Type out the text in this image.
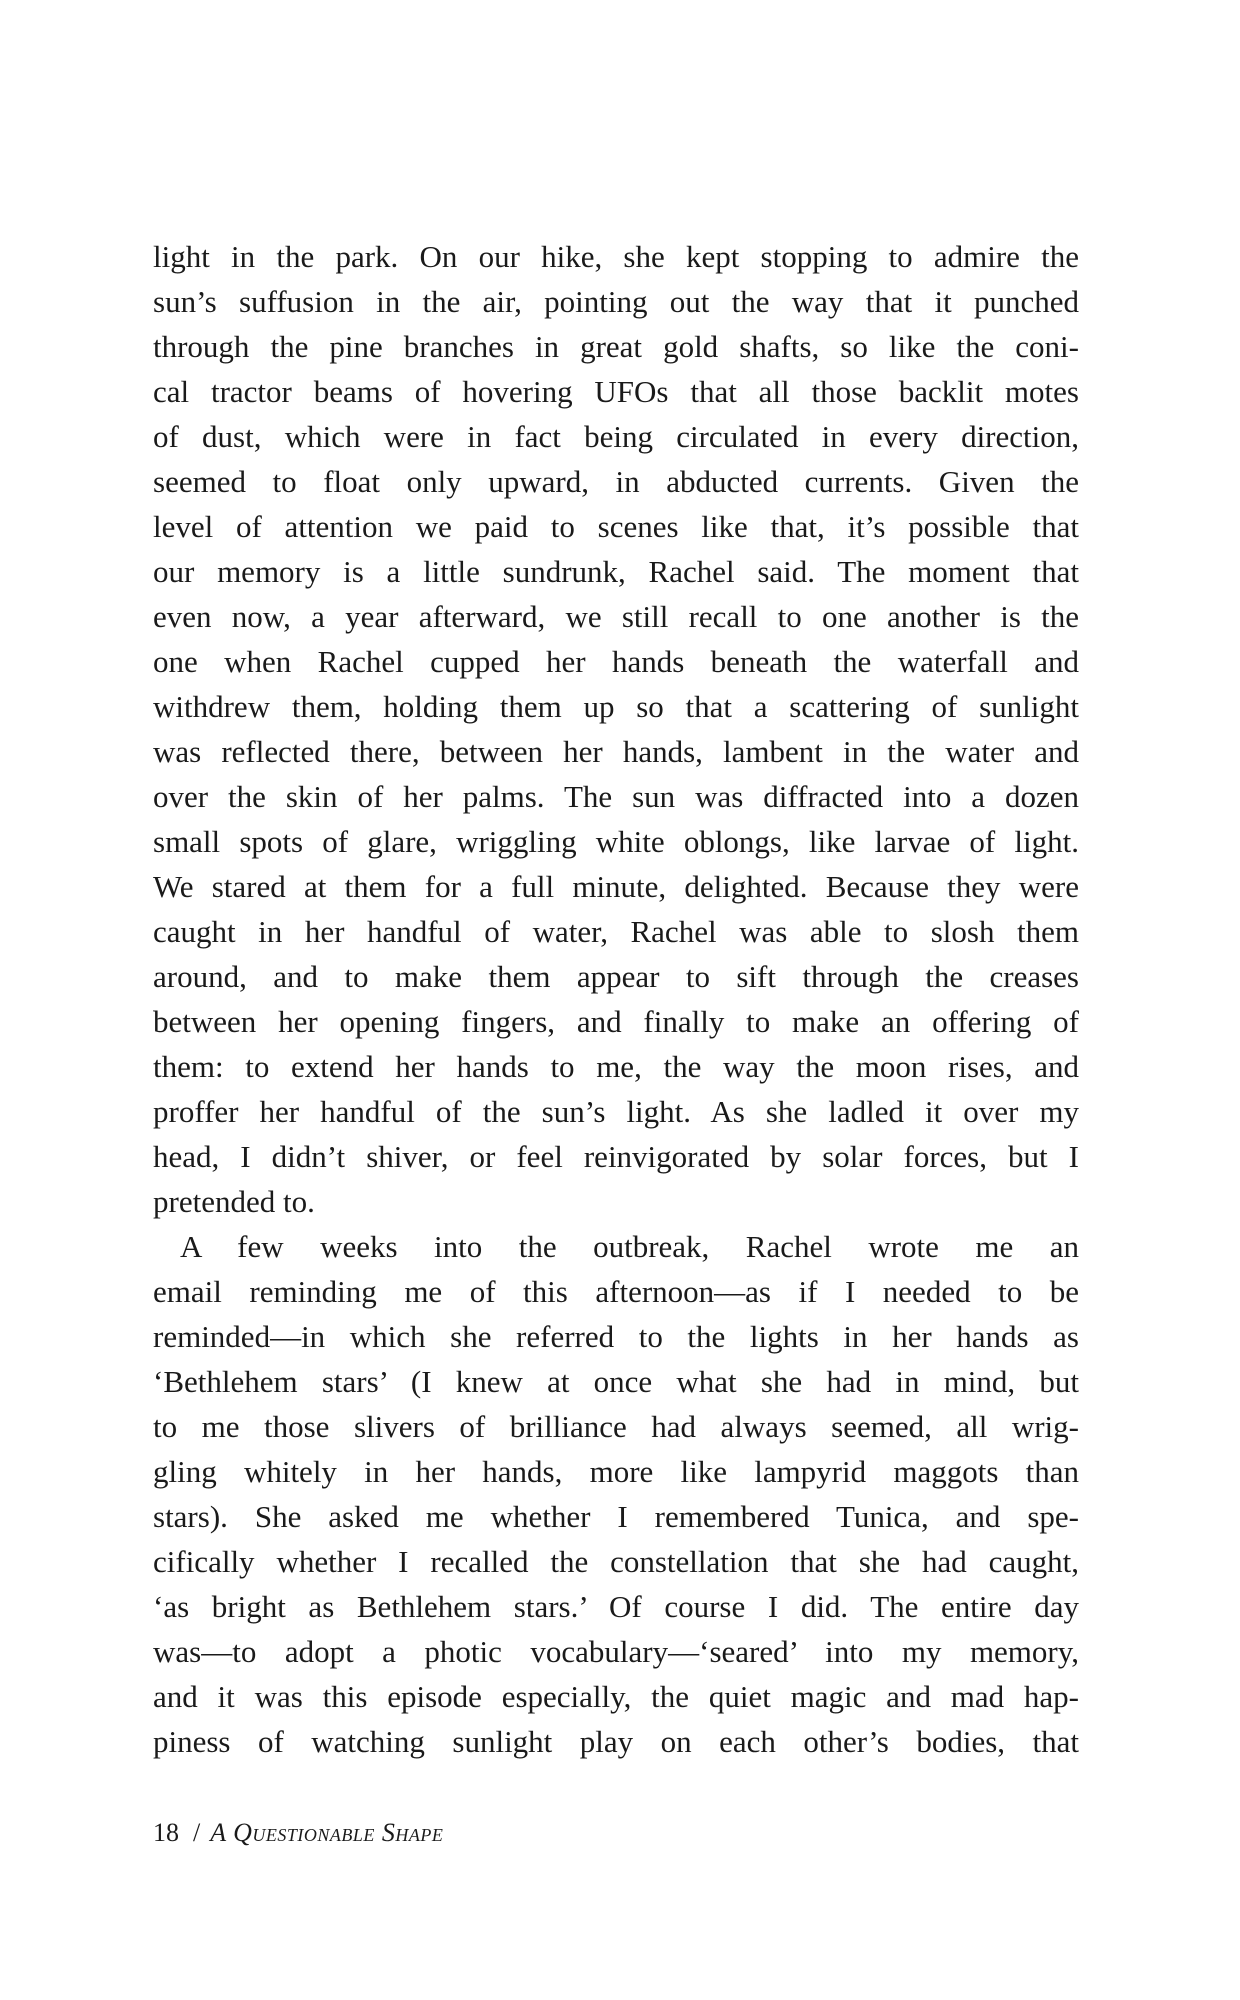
light in the park. On our hike, she kept stopping to admire the
sun’s suffusion in the air, pointing out the way that it punched
through the pine branches in great gold shafts, so like the coni-
cal tractor beams of hovering UFOs that all those backlit motes
of dust, which were in fact being circulated in every direction,
seemed to float only upward, in abducted currents. Given the
level of attention we paid to scenes like that, it’s possible that
our memory is a little sundrunk, Rachel said. The moment that
even now, a year afterward, we still recall to one another is the
one when Rachel cupped her hands beneath the waterfall and
withdrew them, holding them up so that a scattering of sunlight
was reflected there, between her hands, lambent in the water and
over the skin of her palms. The sun was diffracted into a dozen
small spots of glare, wriggling white oblongs, like larvae of light.
We stared at them for a full minute, delighted. Because they were
caught in her handful of water, Rachel was able to slosh them
around, and to make them appear to sift through the creases
between her opening fingers, and finally to make an offering of
them: to extend her hands to me, the way the moon rises, and
proffer her handful of the sun’s light. As she ladled it over my
head, I didn’t shiver, or feel reinvigorated by solar forces, but I
pretended to.
A few weeks into the outbreak, Rachel wrote me an
email reminding me of this afternoon—as if I needed to be
reminded—in which she referred to the lights in her hands as
‘Bethlehem stars’ (I knew at once what she had in mind, but
to me those slivers of brilliance had always seemed, all wrig-
gling whitely in her hands, more like lampyrid maggots than
stars). She asked me whether I remembered Tunica, and spe-
cifically whether I recalled the constellation that she had caught,
‘as bright as Bethlehem stars.’ Of course I did. The entire day
was—to adopt a photic vocabulary—‘seared’ into my memory,
and it was this episode especially, the quiet magic and mad hap-
piness of watching sunlight play on each other’s bodies, that
18 / A Questionable Shape
